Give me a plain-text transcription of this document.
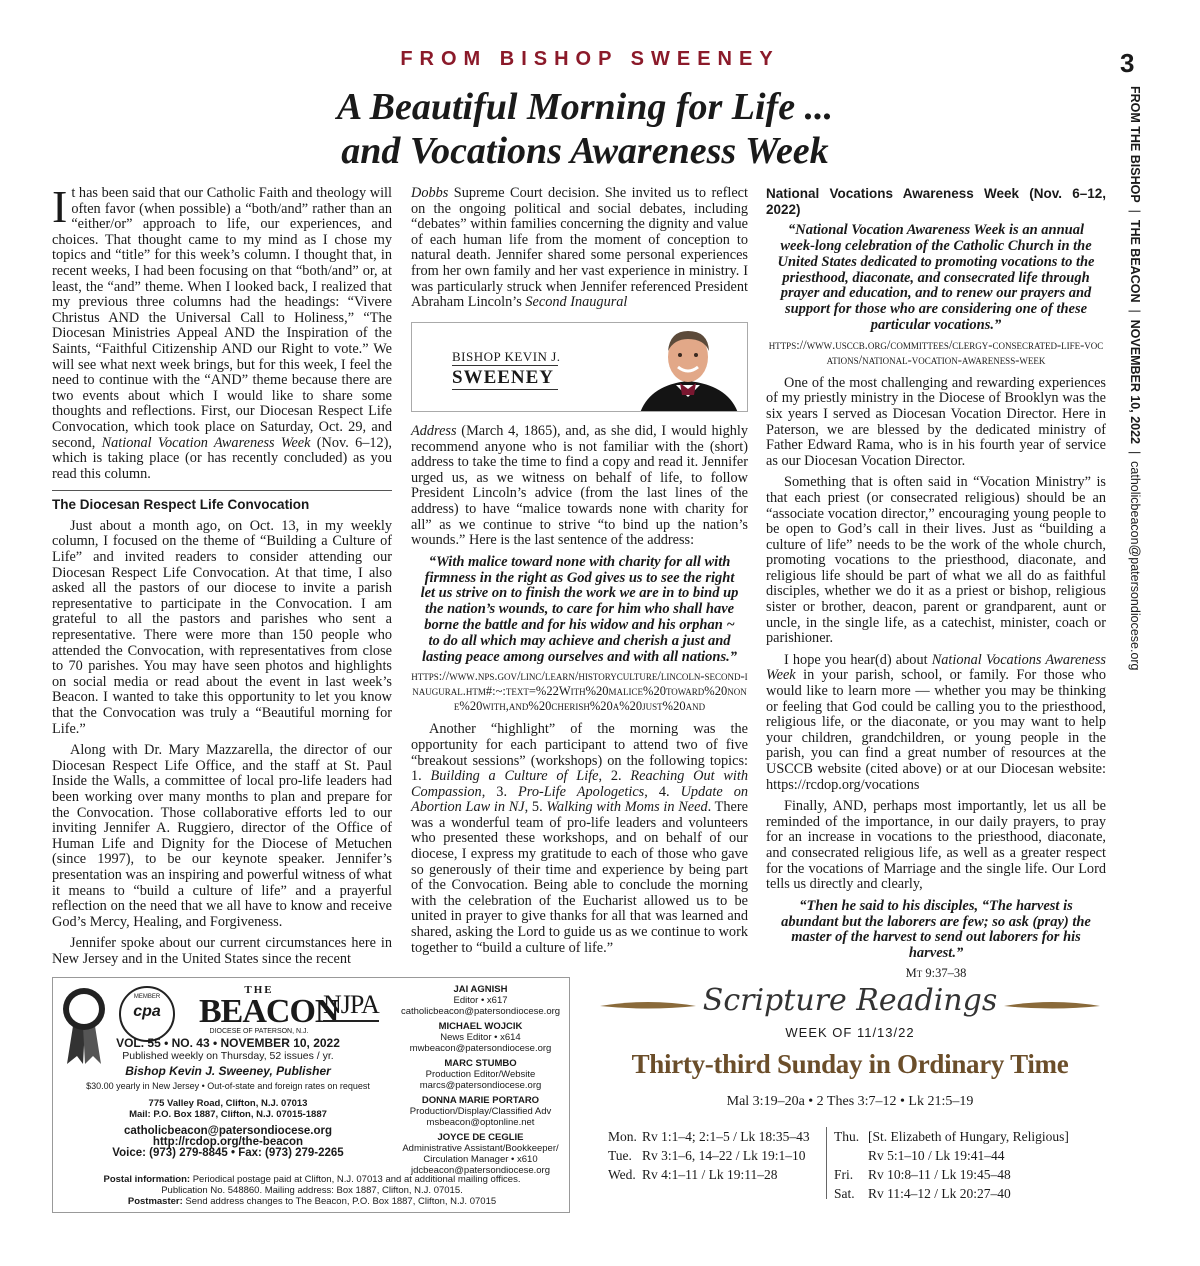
FROM BISHOP SWEENEY	3
FROM THE BISHOP  |  THE BEACON  |  NOVEMBER 10, 2022  |  catholicbeacon@patersondiocese.org
A Beautiful Morning for Life ...
and Vocations Awareness Week

It has been said that our Catholic Faith and theology will often favor (when possible) a “both/and” rather than an “either/or” approach to life, our experiences, and choices. That thought came to my mind as I chose my topics and “title” for this week’s column. I thought that, in recent weeks, I had been focusing on that “both/and” or, at least, the “and” theme. When I looked back, I realized that my previous three columns had the headings: “Vivere Christus AND the Universal Call to Holiness,” “The Diocesan Ministries Appeal AND the Inspiration of the Saints, “Faithful Citizenship AND our Right to vote.” We will see what next week brings, but for this week, I feel the need to continue with the “AND” theme because there are two events about which I would like to share some thoughts and reflections. First, our Diocesan Respect Life Convocation, which took place on Saturday, Oct. 29, and second, National Vocation Awareness Week (Nov. 6–12), which is taking place (or has recently concluded) as you read this column.

The Diocesan Respect Life Convocation

Just about a month ago, on Oct. 13, in my weekly column, I focused on the theme of “Building a Culture of Life” and invited readers to consider attending our Diocesan Respect Life Convocation. At that time, I also asked all the pastors of our diocese to invite a parish representative to participate in the Convocation. I am grateful to all the pastors and parishes who sent a representative. There were more than 150 people who attended the Convocation, with representatives from close to 70 parishes. You may have seen photos and highlights on social media or read about the event in last week’s Beacon. I wanted to take this opportunity to let you know that the Convocation was truly a “Beautiful morning for Life.”

Along with Dr. Mary Mazzarella, the director of our Diocesan Respect Life Office, and the staff at St. Paul Inside the Walls, a committee of local pro-life leaders had been working over many months to plan and prepare for the Convocation. Those collaborative efforts led to our inviting Jennifer A. Ruggiero, director of the Office of Human Life and Dignity for the Diocese of Metuchen (since 1997), to be our keynote speaker. Jennifer’s presentation was an inspiring and powerful witness of what it means to “build a culture of life” and a prayerful reflection on the need that we all have to know and receive God’s Mercy, Healing, and Forgiveness.

Jennifer spoke about our current circumstances here in New Jersey and in the United States since the recent

Dobbs Supreme Court decision. She invited us to reflect on the ongoing political and social debates, including “debates” within families concerning the dignity and value of each human life from the moment of conception to natural death. Jennifer shared some personal experiences from her own family and her vast experience in ministry. I was particularly struck when Jennifer referenced President Abraham Lincoln’s Second Inaugural

BISHOP KEVIN J.
SWEENEY

Address (March 4, 1865), and, as she did, I would highly recommend anyone who is not familiar with the (short) address to take the time to find a copy and read it. Jennifer urged us, as we witness on behalf of life, to follow President Lincoln’s advice (from the last lines of the address) to have “malice towards none with charity for all” as we continue to strive “to bind up the nation’s wounds.” Here is the last sentence of the address:

“With malice toward none with charity for all with firmness in the right as God gives us to see the right let us strive on to finish the work we are in to bind up the nation’s wounds, to care for him who shall have borne the battle and for his widow and his orphan ~ to do all which may achieve and cherish a just and lasting peace among ourselves and with all nations.”
https://www.nps.gov/linc/learn/historyculture/lincoln-second-inaugural.htm#:~:text=%22With%20malice%20toward%20none%20with,and%20cherish%20a%20just%20and

Another “highlight” of the morning was the opportunity for each participant to attend two of five “breakout sessions” (workshops) on the following topics: 1. Building a Culture of Life, 2. Reaching Out with Compassion, 3. Pro-Life Apologetics, 4. Update on Abortion Law in NJ, 5. Walking with Moms in Need. There was a wonderful team of pro-life leaders and volunteers who presented these workshops, and on behalf of our diocese, I express my gratitude to each of those who gave so generously of their time and experience by being part of the Convocation. Being able to conclude the morning with the celebration of the Eucharist allowed us to be united in prayer to give thanks for all that was learned and shared, asking the Lord to guide us as we continue to work together to “build a culture of life.”

National Vocations Awareness Week (Nov. 6–12, 2022)
“National Vocation Awareness Week is an annual week-long celebration of the Catholic Church in the United States dedicated to promoting vocations to the priesthood, diaconate, and consecrated life through prayer and education, and to renew our prayers and support for those who are considering one of these particular vocations.”
https://www.usccb.org/committees/clergy-consecrated-life-vocations/national-vocation-awareness-week

One of the most challenging and rewarding experiences of my priestly ministry in the Diocese of Brooklyn was the six years I served as Diocesan Vocation Director. Here in Paterson, we are blessed by the dedicated ministry of Father Edward Rama, who is in his fourth year of service as our Diocesan Vocation Director.

Something that is often said in “Vocation Ministry” is that each priest (or consecrated religious) should be an “associate vocation director,” encouraging young people to be open to God’s call in their lives. Just as “building a culture of life” needs to be the work of the whole church, promoting vocations to the priesthood, diaconate, and religious life should be part of what we all do as faithful disciples, whether we do it as a priest or bishop, religious sister or brother, deacon, parent or grandparent, aunt or uncle, in the single life, as a catechist, minister, coach or parishioner.

I hope you hear(d) about National Vocations Awareness Week in your parish, school, or family. For those who would like to learn more — whether you may be thinking or feeling that God could be calling you to the priesthood, religious life, or the diaconate, or you may want to help your children, grandchildren, or young people in the parish, you can find a great number of resources at the USCCB website (cited above) or at our Diocesan website: https://rcdop.org/vocations

Finally, AND, perhaps most importantly, let us all be reminded of the importance, in our daily prayers, to pray for an increase in vocations to the priesthood, diaconate, and consecrated religious life, as well as a greater respect for the vocations of Marriage and the single life. Our Lord tells us directly and clearly,

“Then he said to his disciples, “The harvest is abundant but the laborers are few; so ask (pray) the master of the harvest to send out laborers for his harvest.”
Mt 9:37–38
MEMBER
cpa
THE
BEACON
DIOCESE OF PATERSON, N.J.
NJPA
VOL. 55 • NO. 43 • NOVEMBER 10, 2022
Published weekly on Thursday, 52 issues / yr.
Bishop Kevin J. Sweeney, Publisher
$30.00 yearly in New Jersey • Out-of-state and foreign rates on request
775 Valley Road, Clifton, N.J. 07013
Mail: P.O. Box 1887, Clifton, N.J. 07015-1887
catholicbeacon@patersondiocese.org
http://rcdop.org/the-beacon
Voice: (973) 279-8845 • Fax: (973) 279-2265
JAI AGNISH
Editor • x617
catholicbeacon@patersondiocese.org
MICHAEL WOJCIK
News Editor • x614
mwbeacon@patersondiocese.org
MARC STUMBO
Production Editor/Website
marcs@patersondiocese.org
DONNA MARIE PORTARO
Production/Display/Classified Adv
msbeacon@optonline.net
JOYCE DE CEGLIE
Administrative Assistant/Bookkeeper/ Circulation Manager • x610
jdcbeacon@patersondiocese.org
Postal information: Periodical postage paid at Clifton, N.J. 07013 and at additional mailing offices.
Publication No. 548860. Mailing address: Box 1887, Clifton, N.J. 07015.
Postmaster: Send address changes to The Beacon, P.O. Box 1887, Clifton, N.J. 07015
Scripture Readings
WEEK OF 11/13/22
Thirty-third Sunday in Ordinary Time
Mal 3:19–20a • 2 Thes 3:7–12 • Lk 21:5–19
Mon. Rv 1:1–4; 2:1–5 / Lk 18:35–43
Tue. Rv 3:1–6, 14–22 / Lk 19:1–10
Wed. Rv 4:1–11 / Lk 19:11–28
Thu. [St. Elizabeth of Hungary, Religious]
Rv 5:1–10 / Lk 19:41–44
Fri.	Rv 10:8–11 / Lk 19:45–48
Sat. Rv 11:4–12 / Lk 20:27–40
